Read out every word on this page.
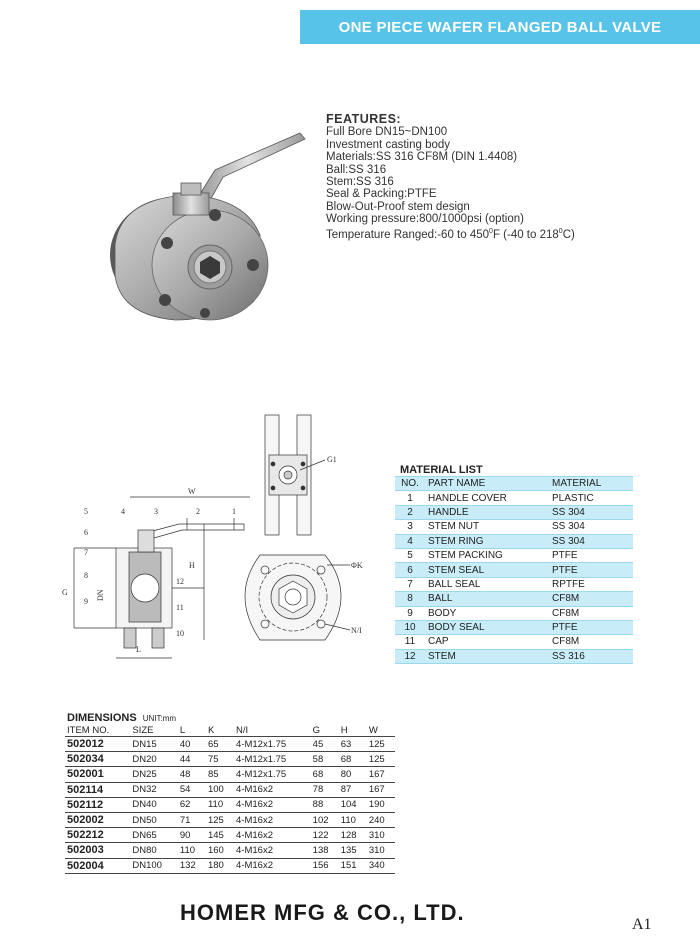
ONE PIECE WAFER FLANGED BALL VALVE
FEATURES:
Full Bore DN15~DN100
Investment casting body
Materials:SS 316 CF8M (DIN 1.4408)
Ball:SS 316
Stem:SS 316
Seal & Packing:PTFE
Blow-Out-Proof stem design
Working pressure:800/1000psi (option)
Temperature Ranged:-60 to $450^0F$ (-40 to $218^0C$)
W
5	4	3	2	1
6
7
8
9
G	DN
H
12
11
10
L
G1
ΦK
N/I
MATERIAL LIST
NO.	PART NAME	MATERIAL
1	HANDLE COVER	PLASTIC
2	HANDLE	SS 304
3	STEM NUT	SS 304
4	STEM RING	SS 304
5	STEM PACKING	PTFE
6	STEM SEAL	PTFE
7	BALL SEAL	RPTFE
8	BALL	CF8M
9	BODY	CF8M
10	BODY SEAL	PTFE
11	CAP	CF8M
12	STEM	SS 316
DIMENSIONS UNIT:mm
ITEM NO.	SIZE	L	K	N/I	G	H	W
502012	DN15	40	65	4-M12x1.75	45	63	125
502034	DN20	44	75	4-M12x1.75	58	68	125
502001	DN25	48	85	4-M12x1.75	68	80	167
502114	DN32	54	100	4-M16x2	78	87	167
502112	DN40	62	110	4-M16x2	88	104	190
502002	DN50	71	125	4-M16x2	102	110	240
502212	DN65	90	145	4-M16x2	122	128	310
502003	DN80	110	160	4-M16x2	138	135	310
502004	DN100	132	180	4-M16x2	156	151	340
HOMER MFG & CO., LTD.	A1
